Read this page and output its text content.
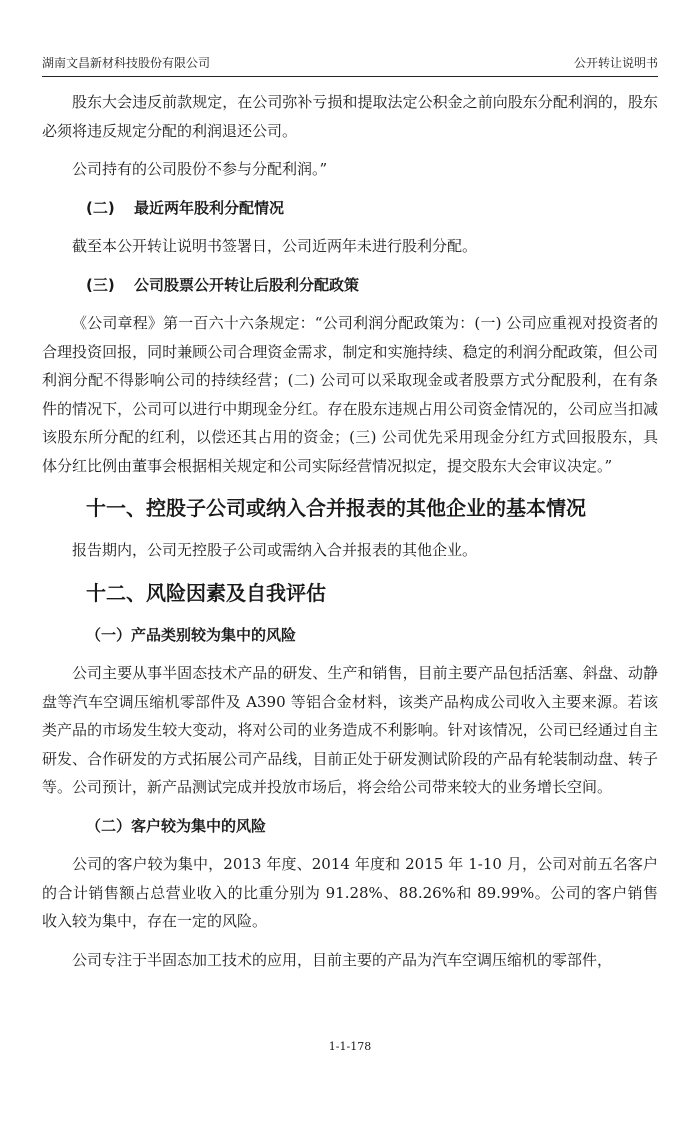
湖南文昌新材科技股份有限公司	公开转让说明书

股东大会违反前款规定，在公司弥补亏损和提取法定公积金之前向股东分配利润的，股东必须将违反规定分配的利润退还公司。

公司持有的公司股份不参与分配利润。”

(二) 最近两年股利分配情况

截至本公开转让说明书签署日，公司近两年未进行股利分配。

(三) 公司股票公开转让后股利分配政策

《公司章程》第一百六十六条规定：“公司利润分配政策为：(一) 公司应重视对投资者的合理投资回报，同时兼顾公司合理资金需求，制定和实施持续、稳定的利润分配政策，但公司利润分配不得影响公司的持续经营；(二) 公司可以采取现金或者股票方式分配股利，在有条件的情况下，公司可以进行中期现金分红。存在股东违规占用公司资金情况的，公司应当扣减该股东所分配的红利，以偿还其占用的资金；(三) 公司优先采用现金分红方式回报股东，具体分红比例由董事会根据相关规定和公司实际经营情况拟定，提交股东大会审议决定。”

十一、控股子公司或纳入合并报表的其他企业的基本情况

报告期内，公司无控股子公司或需纳入合并报表的其他企业。

十二、风险因素及自我评估
（一）产品类别较为集中的风险

公司主要从事半固态技术产品的研发、生产和销售，目前主要产品包括活塞、斜盘、动静盘等汽车空调压缩机零部件及 A390 等铝合金材料，该类产品构成公司收入主要来源。若该类产品的市场发生较大变动，将对公司的业务造成不利影响。针对该情况，公司已经通过自主研发、合作研发的方式拓展公司产品线，目前正处于研发测试阶段的产品有轮装制动盘、转子等。公司预计，新产品测试完成并投放市场后，将会给公司带来较大的业务增长空间。

（二）客户较为集中的风险

公司的客户较为集中，2013 年度、2014 年度和 2015 年 1-10 月，公司对前五名客户的合计销售额占总营业收入的比重分别为 91.28%、88.26%和 89.99%。公司的客户销售收入较为集中，存在一定的风险。

公司专注于半固态加工技术的应用，目前主要的产品为汽车空调压缩机的零部件，

1-1-178
